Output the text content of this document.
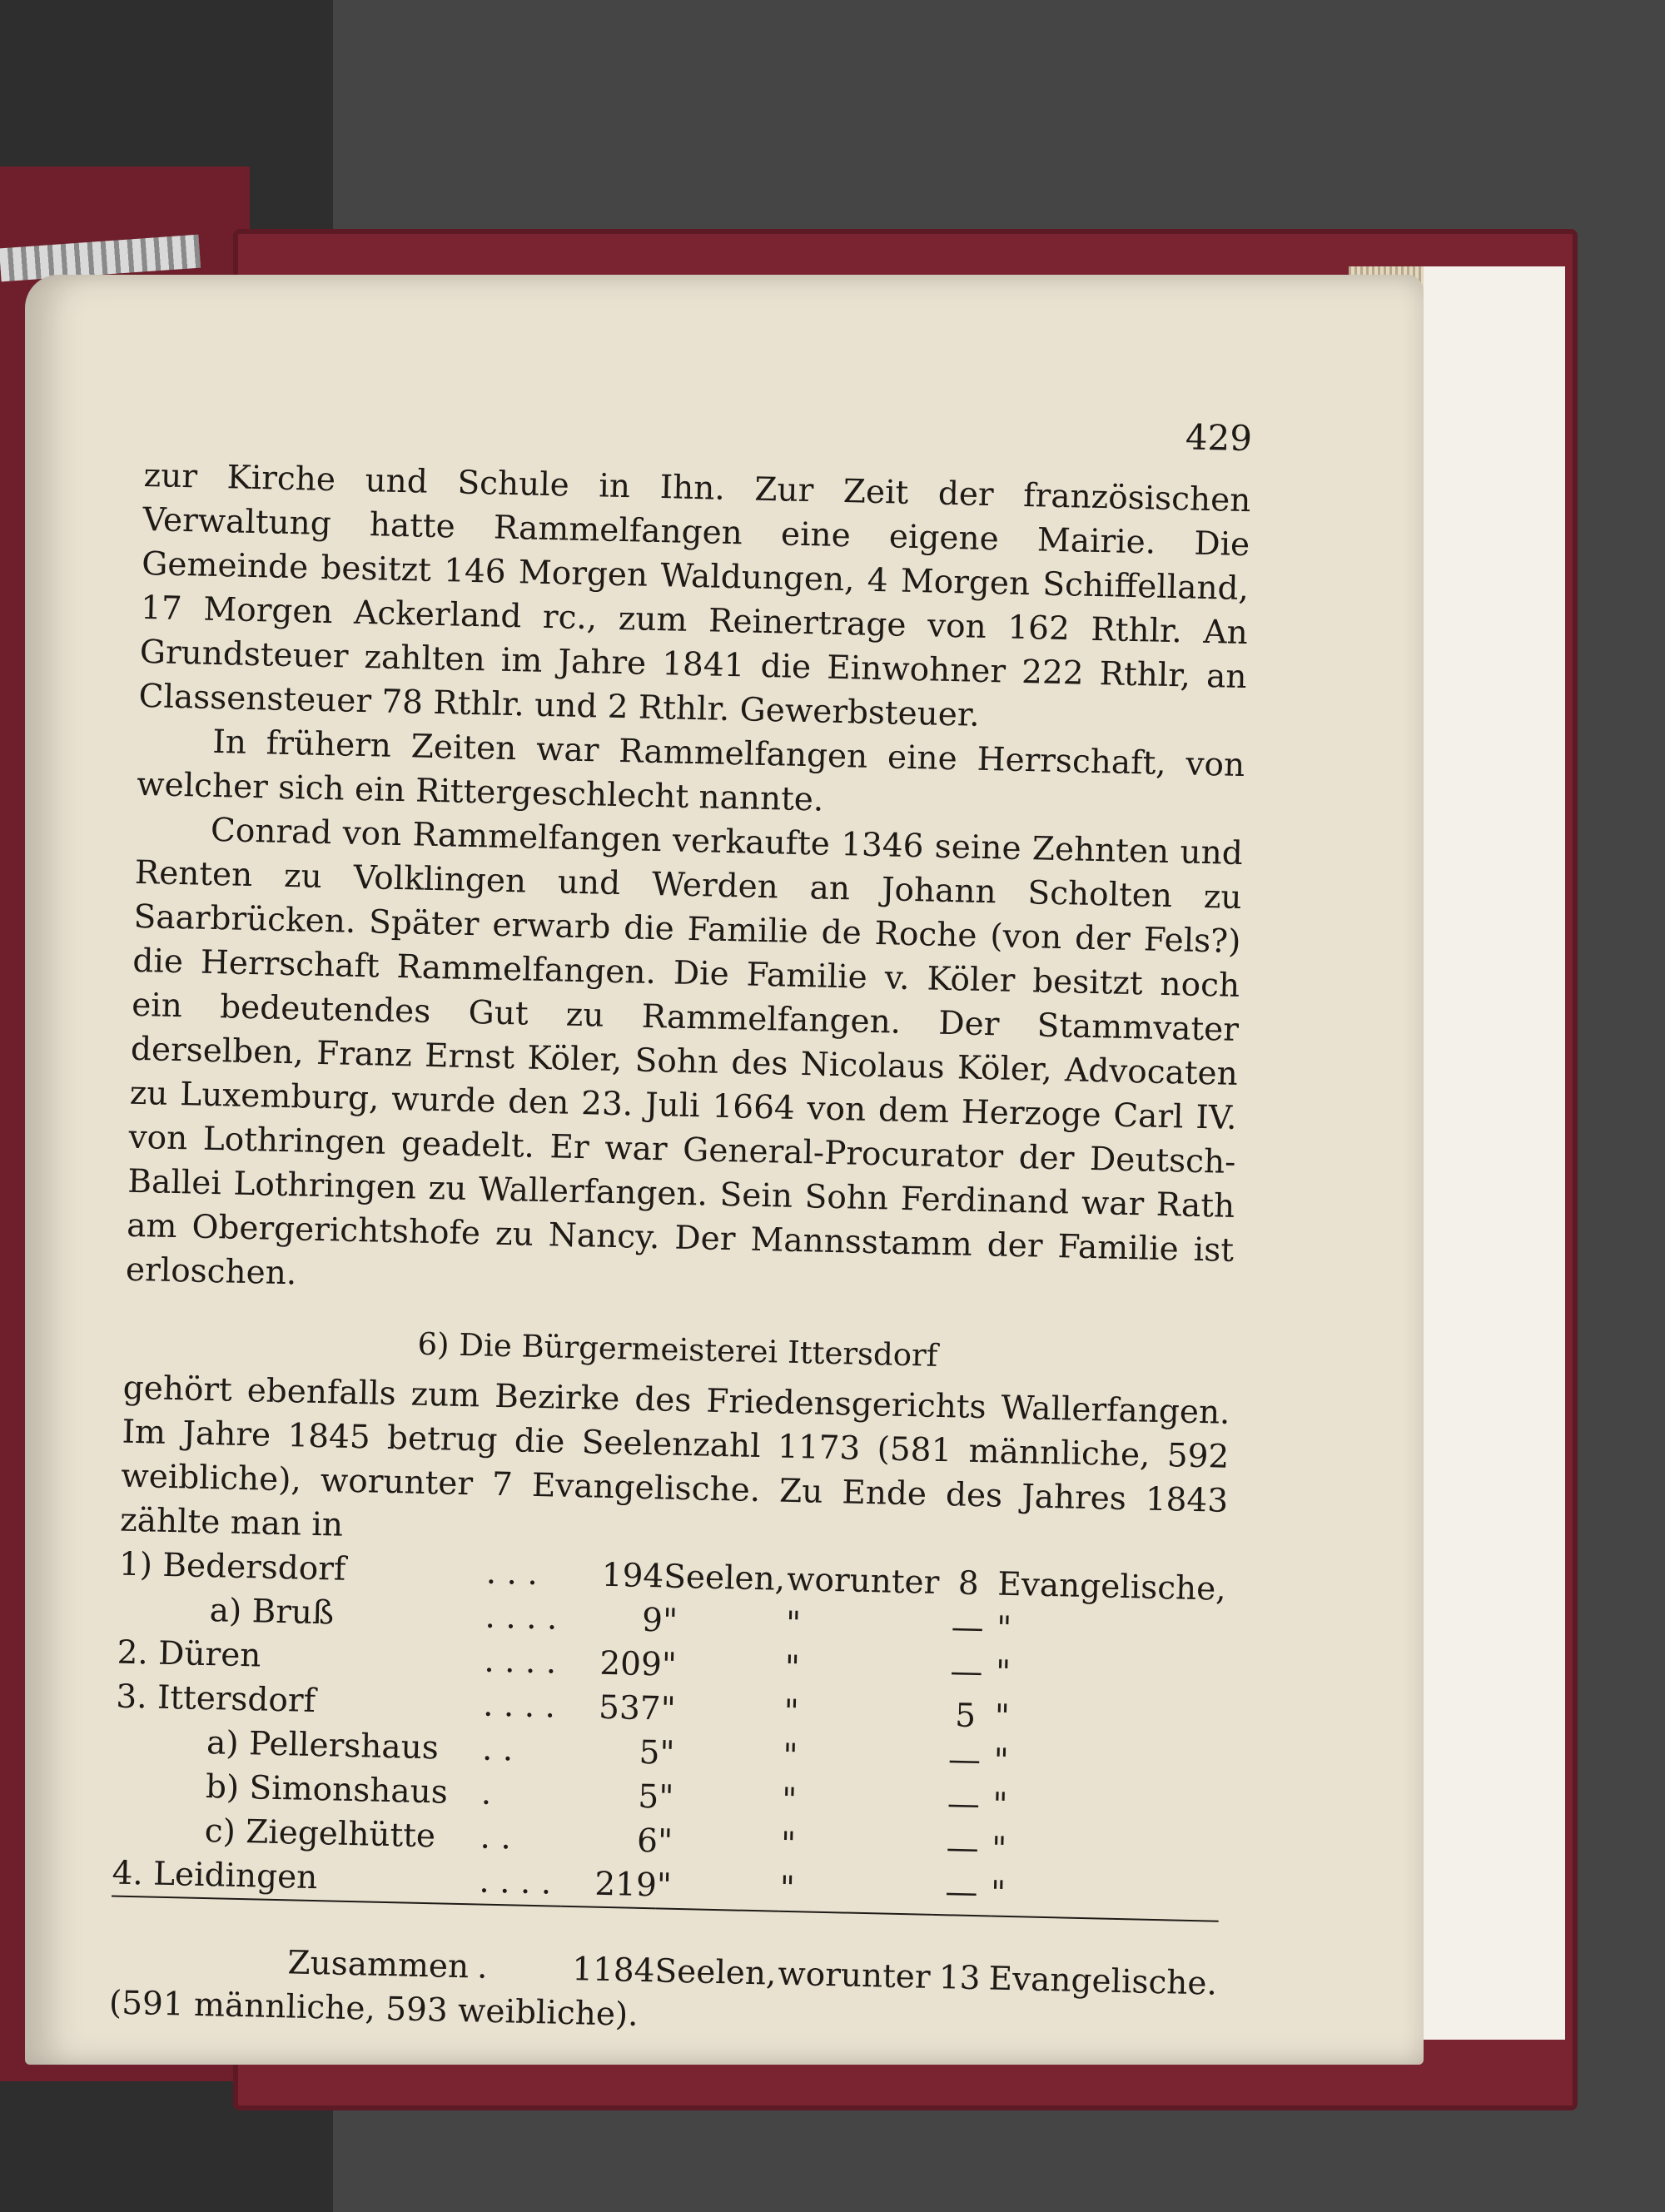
429

zur Kirche und Schule in Ihn. Zur Zeit der französischen Verwaltung hatte Rammelfangen eine eigene Mairie. Die Gemeinde besitzt 146 Morgen Waldungen, 4 Morgen Schiffelland, 17 Morgen Ackerland rc., zum Reinertrage von 162 Rthlr. An Grundsteuer zahlten im Jahre 1841 die Einwohner 222 Rthlr, an Classensteuer 78 Rthlr. und 2 Rthlr. Gewerbsteuer.

In frühern Zeiten war Rammelfangen eine Herrschaft, von welcher sich ein Rittergeschlecht nannte.

Conrad von Rammelfangen verkaufte 1346 seine Zehnten und Renten zu Volklingen und Werden an Johann Scholten zu Saarbrücken. Später erwarb die Familie de Roche (von der Fels?) die Herrschaft Rammelfangen. Die Familie v. Köler besitzt noch ein bedeutendes Gut zu Rammelfangen. Der Stammvater derselben, Franz Ernst Köler, Sohn des Nicolaus Köler, Advocaten zu Luxemburg, wurde den 23. Juli 1664 von dem Herzoge Carl IV. von Lothringen geadelt. Er war General-Procurator der Deutsch-Ballei Lothringen zu Wallerfangen. Sein Sohn Ferdinand war Rath am Obergerichtshofe zu Nancy. Der Mannsstamm der Familie ist erloschen.

6) Die Bürgermeisterei Ittersdorf

gehört ebenfalls zum Bezirke des Friedensgerichts Wallerfangen. Im Jahre 1845 betrug die Seelenzahl 1173 (581 männliche, 592 weibliche), worunter 7 Evangelische. Zu Ende des Jahres 1843 zählte man in

1) Bedersdorf	. . .	194	Seelen,	worunter	8	Evangelische,
a) Bruß	. . . .	9	"	"	—	"
2. Düren	. . . .	209	"	"	—	"
3. Ittersdorf	. . . .	537	"	"	5	"
a) Pellershaus	. .	5	"	"	—	"
b) Simonshaus	.	5	"	"	—	"
c) Ziegelhütte	. .	6	"	"	—	"
4. Leidingen	. . . .	219	"	"	—	"

Zusammen	.	1184	Seelen,	worunter	13	Evangelische.

(591 männliche, 593 weibliche).
